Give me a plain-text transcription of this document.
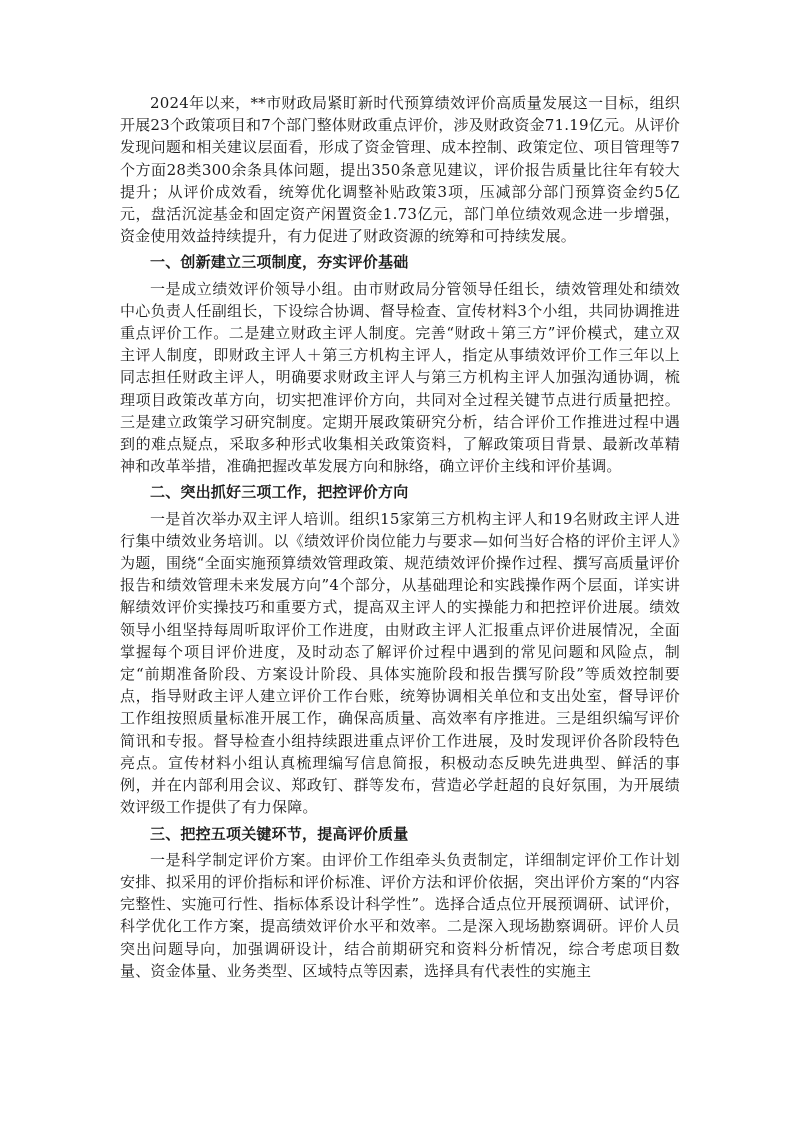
2024年以来，**市财政局紧盯新时代预算绩效评价高质量发展这一目标，组织开展23个政策项目和7个部门整体财政重点评价，涉及财政资金71.19亿元。从评价发现问题和相关建议层面看，形成了资金管理、成本控制、政策定位、项目管理等7个方面28类300余条具体问题，提出350条意见建议，评价报告质量比往年有较大提升；从评价成效看，统筹优化调整补贴政策3项，压减部分部门预算资金约5亿元，盘活沉淀基金和固定资产闲置资金1.73亿元，部门单位绩效观念进一步增强，资金使用效益持续提升，有力促进了财政资源的统筹和可持续发展。

一、创新建立三项制度，夯实评价基础

一是成立绩效评价领导小组。由市财政局分管领导任组长，绩效管理处和绩效中心负责人任副组长，下设综合协调、督导检查、宣传材料3个小组，共同协调推进重点评价工作。二是建立财政主评人制度。完善“财政＋第三方”评价模式，建立双主评人制度，即财政主评人＋第三方机构主评人，指定从事绩效评价工作三年以上同志担任财政主评人，明确要求财政主评人与第三方机构主评人加强沟通协调，梳理项目政策改革方向，切实把准评价方向，共同对全过程关键节点进行质量把控。三是建立政策学习研究制度。定期开展政策研究分析，结合评价工作推进过程中遇到的难点疑点，采取多种形式收集相关政策资料，了解政策项目背景、最新改革精神和改革举措，准确把握改革发展方向和脉络，确立评价主线和评价基调。

二、突出抓好三项工作，把控评价方向

一是首次举办双主评人培训。组织15家第三方机构主评人和19名财政主评人进行集中绩效业务培训。以《绩效评价岗位能力与要求—如何当好合格的评价主评人》为题，围绕“全面实施预算绩效管理政策、规范绩效评价操作过程、撰写高质量评价报告和绩效管理未来发展方向”4个部分，从基础理论和实践操作两个层面，详实讲解绩效评价实操技巧和重要方式，提高双主评人的实操能力和把控评价进展。绩效领导小组坚持每周听取评价工作进度，由财政主评人汇报重点评价进展情况，全面掌握每个项目评价进度，及时动态了解评价过程中遇到的常见问题和风险点，制定“前期准备阶段、方案设计阶段、具体实施阶段和报告撰写阶段”等质效控制要点，指导财政主评人建立评价工作台账，统筹协调相关单位和支出处室，督导评价工作组按照质量标准开展工作，确保高质量、高效率有序推进。三是组织编写评价简讯和专报。督导检查小组持续跟进重点评价工作进展，及时发现评价各阶段特色亮点。宣传材料小组认真梳理编写信息简报，积极动态反映先进典型、鲜活的事例，并在内部利用会议、郑政钉、群等发布，营造必学赶超的良好氛围，为开展绩效评级工作提供了有力保障。

三、把控五项关键环节，提高评价质量

一是科学制定评价方案。由评价工作组牵头负责制定，详细制定评价工作计划安排、拟采用的评价指标和评价标准、评价方法和评价依据，突出评价方案的“内容完整性、实施可行性、指标体系设计科学性”。选择合适点位开展预调研、试评价，科学优化工作方案，提高绩效评价水平和效率。二是深入现场勘察调研。评价人员突出问题导向，加强调研设计，结合前期研究和资料分析情况，综合考虑项目数量、资金体量、业务类型、区域特点等因素，选择具有代表性的实施主
